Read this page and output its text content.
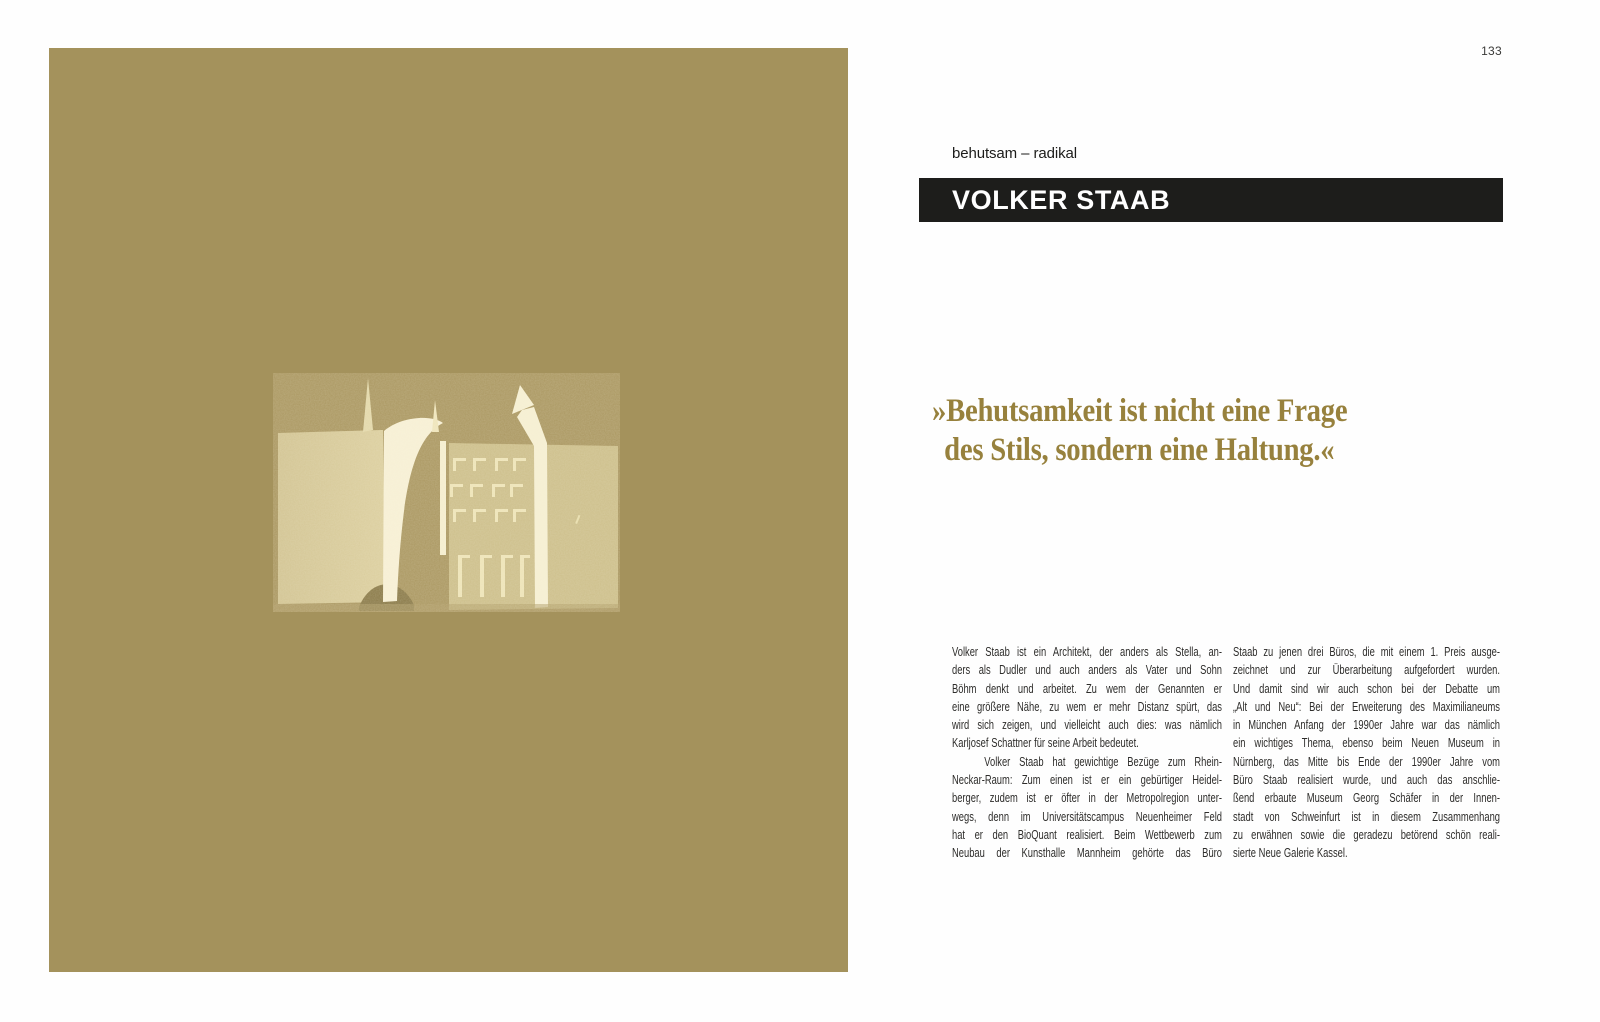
133
behutsam – radikal
VOLKER STAAB
»Behutsamkeit ist nicht eine Frage
des Stils, sondern eine Haltung.«
Volker Staab ist ein Architekt, der anders als Stella, an-
ders als Dudler und auch anders als Vater und Sohn
Böhm denkt und arbeitet. Zu wem der Genannten er
eine größere Nähe, zu wem er mehr Distanz spürt, das
wird sich zeigen, und vielleicht auch dies: was nämlich
Karljosef Schattner für seine Arbeit bedeutet.
Volker Staab hat gewichtige Bezüge zum Rhein-
Neckar-Raum: Zum einen ist er ein gebürtiger Heidel-
berger, zudem ist er öfter in der Metropolregion unter-
wegs, denn im Universitätscampus Neuenheimer Feld
hat er den BioQuant realisiert. Beim Wettbewerb zum
Neubau der Kunsthalle Mannheim gehörte das Büro
Staab zu jenen drei Büros, die mit einem 1. Preis ausge-
zeichnet und zur Überarbeitung aufgefordert wurden.
Und damit sind wir auch schon bei der Debatte um
„Alt und Neu“: Bei der Erweiterung des Maximilianeums
in München Anfang der 1990er Jahre war das nämlich
ein wichtiges Thema, ebenso beim Neuen Museum in
Nürnberg, das Mitte bis Ende der 1990er Jahre vom
Büro Staab realisiert wurde, und auch das anschlie-
ßend erbaute Museum Georg Schäfer in der Innen-
stadt von Schweinfurt ist in diesem Zusammenhang
zu erwähnen sowie die geradezu betörend schön reali-
sierte Neue Galerie Kassel.
